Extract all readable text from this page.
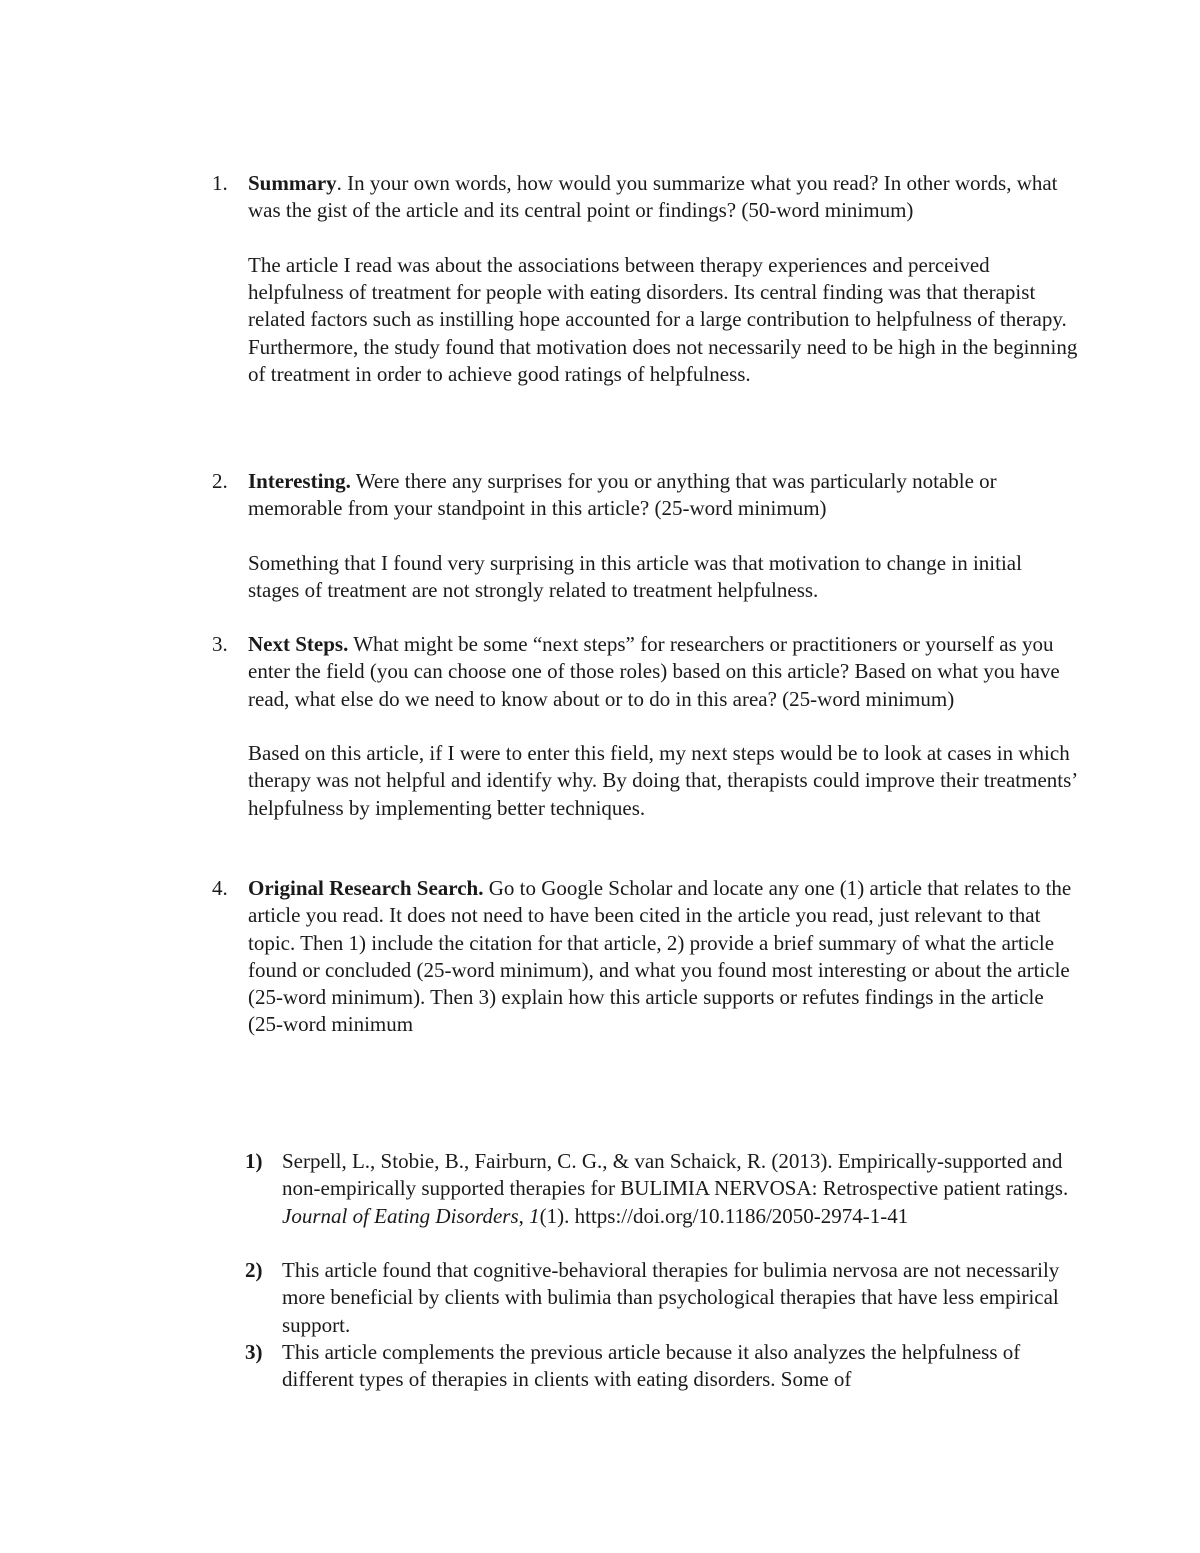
1. Summary. In your own words, how would you summarize what you read? In other words, what was the gist of the article and its central point or findings? (50-word minimum)

The article I read was about the associations between therapy experiences and perceived helpfulness of treatment for people with eating disorders. Its central finding was that therapist related factors such as instilling hope accounted for a large contribution to helpfulness of therapy. Furthermore, the study found that motivation does not necessarily need to be high in the beginning of treatment in order to achieve good ratings of helpfulness.

2. Interesting. Were there any surprises for you or anything that was particularly notable or memorable from your standpoint in this article? (25-word minimum)

Something that I found very surprising in this article was that motivation to change in initial stages of treatment are not strongly related to treatment helpfulness.

3. Next Steps. What might be some “next steps” for researchers or practitioners or yourself as you enter the field (you can choose one of those roles) based on this article? Based on what you have read, what else do we need to know about or to do in this area? (25-word minimum)

Based on this article, if I were to enter this field, my next steps would be to look at cases in which therapy was not helpful and identify why. By doing that, therapists could improve their treatments’ helpfulness by implementing better techniques.

4. Original Research Search. Go to Google Scholar and locate any one (1) article that relates to the article you read. It does not need to have been cited in the article you read, just relevant to that topic. Then 1) include the citation for that article, 2) provide a brief summary of what the article found or concluded (25-word minimum), and what you found most interesting or about the article (25-word minimum). Then 3) explain how this article supports or refutes findings in the article (25-word minimum

1) Serpell, L., Stobie, B., Fairburn, C. G., & van Schaick, R. (2013). Empirically-supported and non-empirically supported therapies for BULIMIA NERVOSA: Retrospective patient ratings. Journal of Eating Disorders, 1(1). https://doi.org/10.1186/2050-2974-1-41

2) This article found that cognitive-behavioral therapies for bulimia nervosa are not necessarily more beneficial by clients with bulimia than psychological therapies that have less empirical support.

3) This article complements the previous article because it also analyzes the helpfulness of different types of therapies in clients with eating disorders. Some of
